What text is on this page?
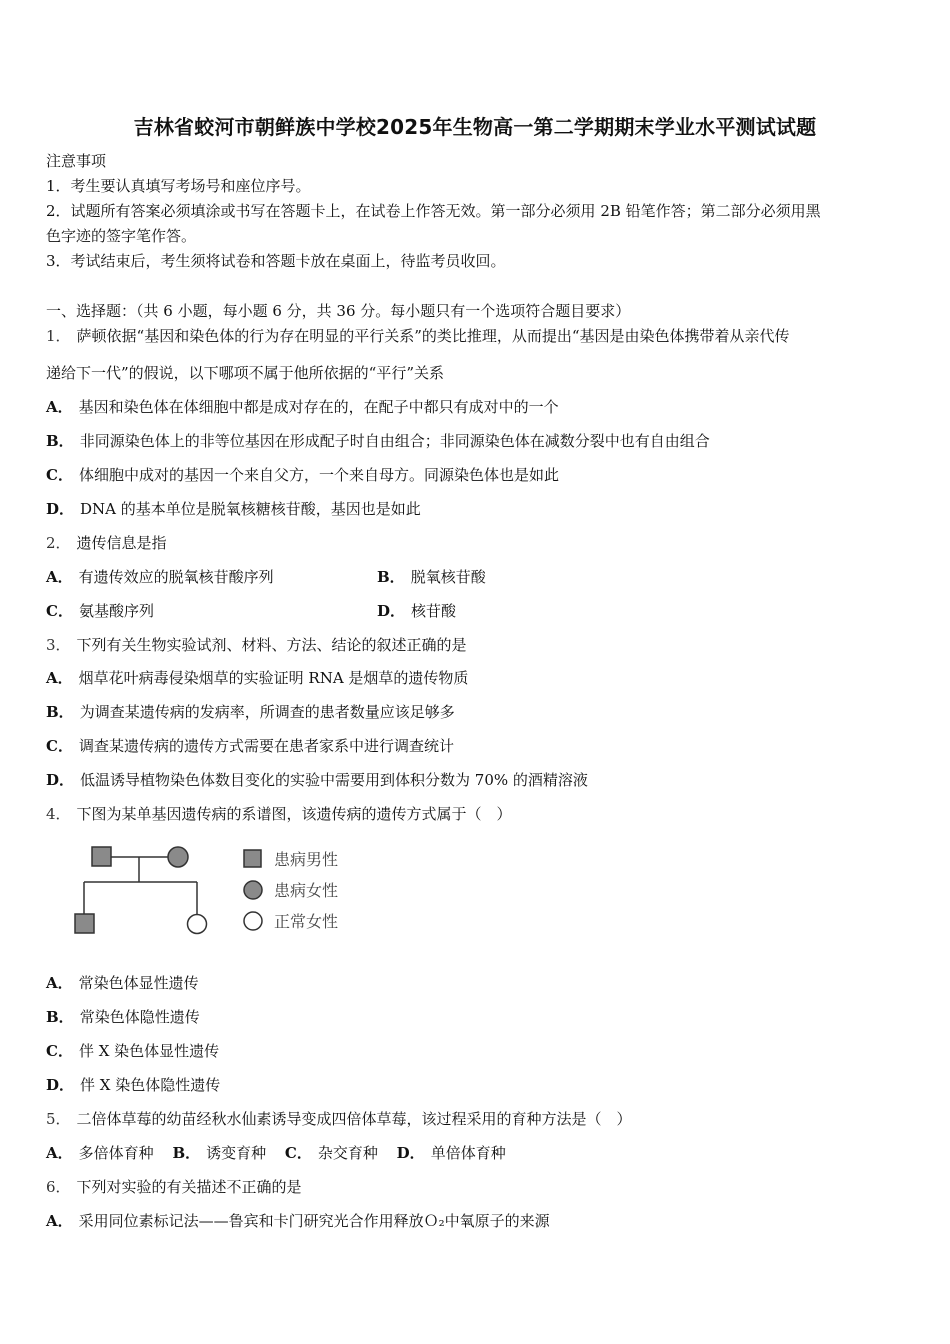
吉林省蛟河市朝鲜族中学校2025年生物高一第二学期期末学业水平测试试题
注意事项
1．考生要认真填写考场号和座位序号。
2．试题所有答案必须填涂或书写在答题卡上，在试卷上作答无效。第一部分必须用 2B 铅笔作答；第二部分必须用黑
色字迹的签字笔作答。
3．考试结束后，考生须将试卷和答题卡放在桌面上，待监考员收回。
一、选择题：（共 6 小题，每小题 6 分，共 36 分。每小题只有一个选项符合题目要求）
1． 萨顿依据“基因和染色体的行为存在明显的平行关系”的类比推理，从而提出“基因是由染色体携带着从亲代传
递给下一代”的假说，以下哪项不属于他所依据的“平行”关系
A． 基因和染色体在体细胞中都是成对存在的，在配子中都只有成对中的一个
B． 非同源染色体上的非等位基因在形成配子时自由组合；非同源染色体在减数分裂中也有自由组合
C． 体细胞中成对的基因一个来自父方，一个来自母方。同源染色体也是如此
D． DNA 的基本单位是脱氧核糖核苷酸，基因也是如此
2． 遗传信息是指
A． 有遗传效应的脱氧核苷酸序列	B． 脱氧核苷酸
C． 氨基酸序列	D． 核苷酸
3． 下列有关生物实验试剂、材料、方法、结论的叙述正确的是
A． 烟草花叶病毒侵染烟草的实验证明 RNA 是烟草的遗传物质
B． 为调查某遗传病的发病率，所调查的患者数量应该足够多
C． 调查某遗传病的遗传方式需要在患者家系中进行调查统计
D． 低温诱导植物染色体数目变化的实验中需要用到体积分数为 70% 的酒精溶液
4． 下图为某单基因遗传病的系谱图，该遗传病的遗传方式属于（　）
患病男性
患病女性
正常女性
A． 常染色体显性遗传
B． 常染色体隐性遗传
C． 伴 X 染色体显性遗传
D． 伴 X 染色体隐性遗传
5． 二倍体草莓的幼苗经秋水仙素诱导变成四倍体草莓，该过程采用的育种方法是（　）
A． 多倍体育种 B． 诱变育种 C． 杂交育种 D． 单倍体育种
6． 下列对实验的有关描述不正确的是
A． 采用同位素标记法——鲁宾和卡门研究光合作用释放Ｏ₂中氧原子的来源
